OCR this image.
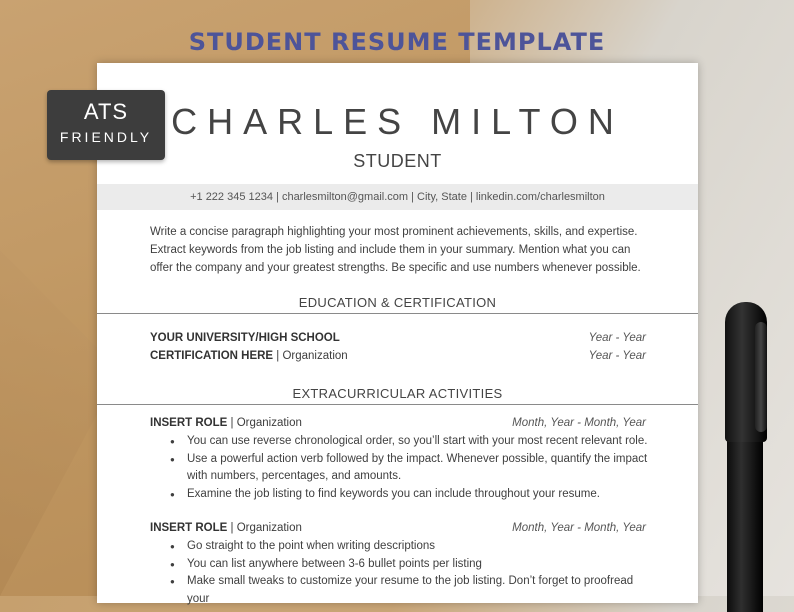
STUDENT RESUME TEMPLATE
CHARLES MILTON
STUDENT
+1 222 345 1234 | charlesmilton@gmail.com | City, State | linkedin.com/charlesmilton
Write a concise paragraph highlighting your most prominent achievements, skills, and expertise. Extract keywords from the job listing and include them in your summary. Mention what you can offer the company and your greatest strengths. Be specific and use numbers whenever possible.
EDUCATION & CERTIFICATION
YOUR UNIVERSITY/HIGH SCHOOL	Year - Year
CERTIFICATION HERE | Organization	Year - Year
EXTRACURRICULAR ACTIVITIES
INSERT ROLE | Organization	Month, Year - Month, Year
● You can use reverse chronological order, so you’ll start with your most recent relevant role.
● Use a powerful action verb followed by the impact. Whenever possible, quantify the impact with numbers, percentages, and amounts.
● Examine the job listing to find keywords you can include throughout your resume.
INSERT ROLE | Organization	Month, Year - Month, Year
● Go straight to the point when writing descriptions
● You can list anywhere between 3-6 bullet points per listing
● Make small tweaks to customize your resume to the job listing. Don’t forget to proofread your
ATS
FRIENDLY
